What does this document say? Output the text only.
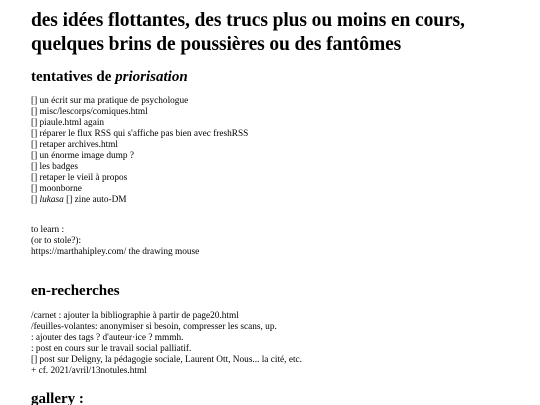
des idées flottantes, des trucs plus ou moins en cours,
quelques brins de poussières ou des fantômes
tentatives de priorisation
[] un écrit sur ma pratique de psychologue
[] misc/lescorps/comiques.html
[] piaule.html again
[] réparer le flux RSS qui s'affiche pas bien avec freshRSS
[] retaper archives.html
[] un énorme image dump ?
[] les badges
[] retaper le vieil à propos
[] moonborne
[] lukasa [] zine auto-DM
to learn :
(or to stole?):
https://marthahipley.com/ the drawing mouse
en-recherches
/carnet : ajouter la bibliographie à partir de page20.html
/feuilles-volantes: anonymiser si besoin, compresser les scans, up.
: ajouter des tags ? d'auteur·ice ? mmmh.
: post en cours sur le travail social palliatif.
[] post sur Deligny, la pédagogie sociale, Laurent Ott, Nous... la cité, etc.
+ cf. 2021/avril/13notules.html
gallery :
